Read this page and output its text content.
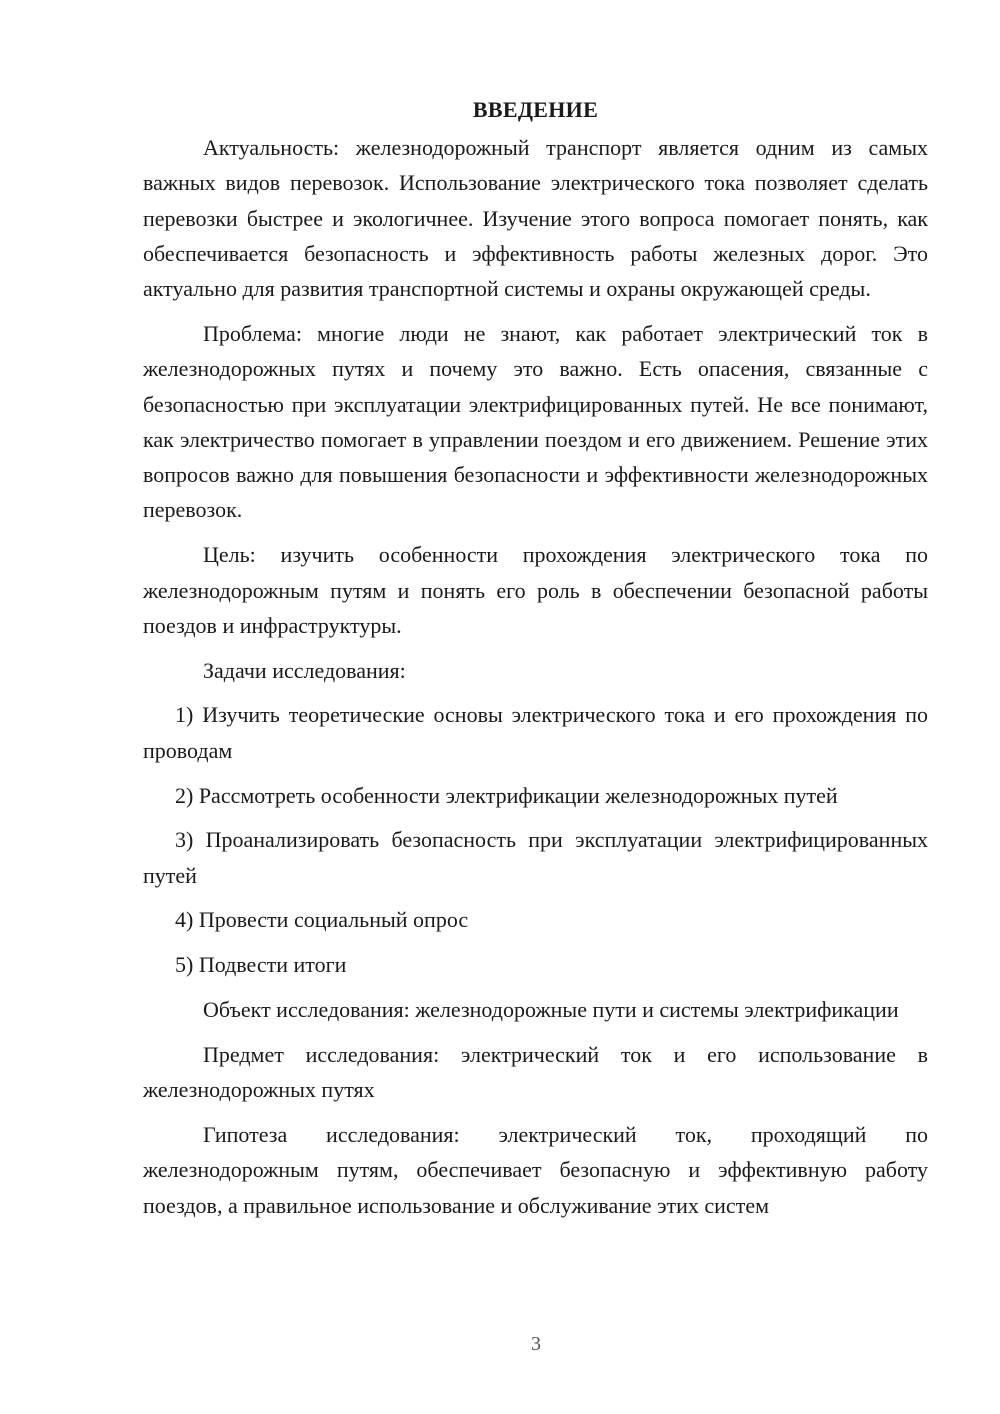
ВВЕДЕНИЕ

Актуальность: железнодорожный транспорт является одним из самых важных видов перевозок. Использование электрического тока позволяет сделать перевозки быстрее и экологичнее. Изучение этого вопроса помогает понять, как обеспечивается безопасность и эффективность работы железных дорог. Это актуально для развития транспортной системы и охраны окружающей среды.

Проблема: многие люди не знают, как работает электрический ток в железнодорожных путях и почему это важно. Есть опасения, связанные с безопасностью при эксплуатации электрифицированных путей. Не все понимают, как электричество помогает в управлении поездом и его движением. Решение этих вопросов важно для повышения безопасности и эффективности железнодорожных перевозок.

Цель: изучить особенности прохождения электрического тока по железнодорожным путям и понять его роль в обеспечении безопасной работы поездов и инфраструктуры.

Задачи исследования:

1) Изучить теоретические основы электрического тока и его прохождения по проводам

2) Рассмотреть особенности электрификации железнодорожных путей

3) Проанализировать безопасность при эксплуатации электрифицированных путей

4) Провести социальный опрос

5) Подвести итоги

Объект исследования: железнодорожные пути и системы электрификации

Предмет исследования: электрический ток и его использование в железнодорожных путях

Гипотеза исследования: электрический ток, проходящий по железнодорожным путям, обеспечивает безопасную и эффективную работу поездов, а правильное использование и обслуживание этих систем

3
